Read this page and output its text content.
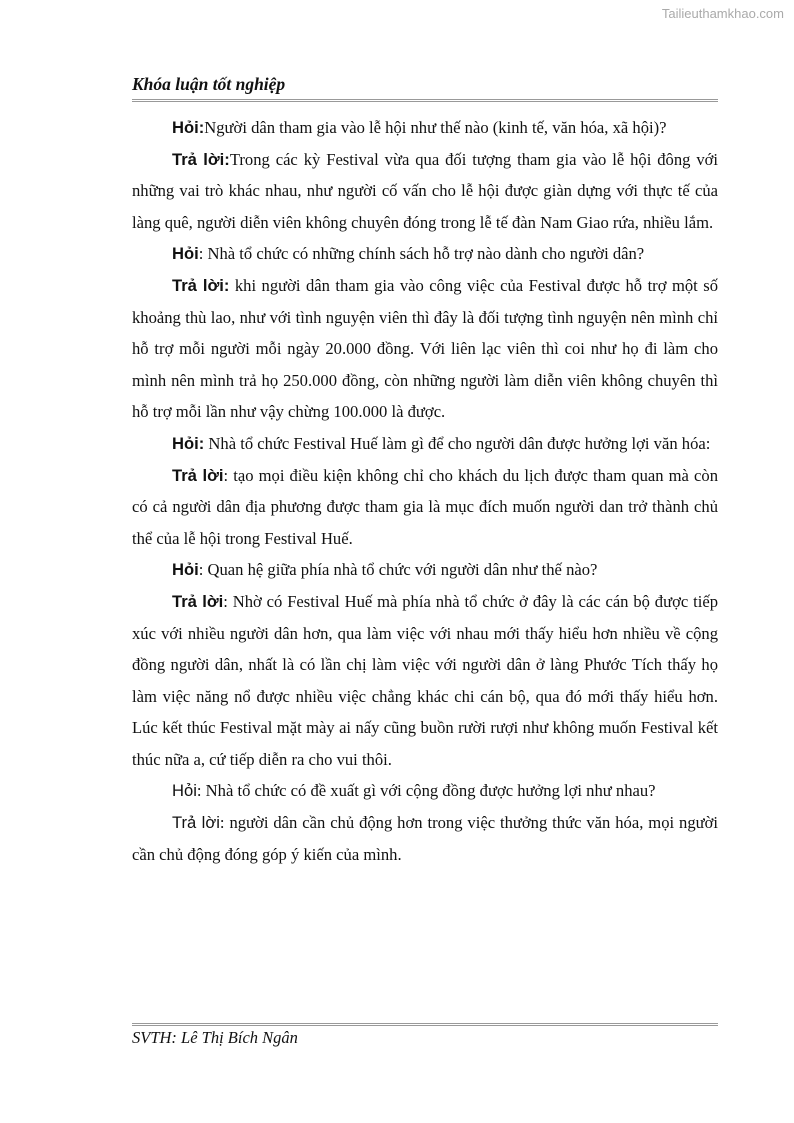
Tailieuthamkhao.com
Khóa luận tốt nghiệp

Hỏi:Người dân tham gia vào lễ hội như thế nào (kinh tế, văn hóa, xã hội)?

Trả lời:Trong các kỳ Festival vừa qua đối tượng tham gia vào lễ hội đông với những vai trò khác nhau, như người cố vấn cho lễ hội được giàn dựng với thực tế của làng quê, người diễn viên không chuyên đóng trong lễ tế đàn Nam Giao rứa, nhiều lắm.

Hỏi: Nhà tổ chức có những chính sách hỗ trợ nào dành cho người dân?

Trả lời: khi người dân tham gia vào công việc của Festival được hỗ trợ một số khoảng thù lao, như với tình nguyện viên thì đây là đối tượng tình nguyện nên mình chỉ hỗ trợ mỗi người mỗi ngày 20.000 đồng. Với liên lạc viên thì coi như họ đi làm cho mình nên mình trả họ 250.000 đồng, còn những người làm diễn viên không chuyên thì hỗ trợ mỗi lần như vậy chừng 100.000 là được.

Hỏi: Nhà tổ chức Festival Huế làm gì để cho người dân được hưởng lợi văn hóa:

Trả lời: tạo mọi điều kiện không chỉ cho khách du lịch được tham quan mà còn có cả người dân địa phương được tham gia là mục đích muốn người dan trở thành chủ thể của lễ hội trong Festival Huế.

Hỏi: Quan hệ giữa phía nhà tổ chức với người dân như thế nào?

Trả lời: Nhờ có Festival Huế mà phía nhà tổ chức ở đây là các cán bộ được tiếp xúc với nhiều người dân hơn, qua làm việc với nhau mới thấy hiểu hơn nhiều về cộng đồng người dân, nhất là có lần chị làm việc với người dân ở làng Phước Tích thấy họ làm việc năng nổ được nhiều việc chẳng khác chi cán bộ, qua đó mới thấy hiểu hơn. Lúc kết thúc Festival mặt mày ai nấy cũng buồn rười rượi như không muốn Festival kết thúc nữa a, cứ tiếp diễn ra cho vui thôi.

Hỏi: Nhà tổ chức có đề xuất gì với cộng đồng được hưởng lợi như nhau?

Trả lời: người dân cần chủ động hơn trong việc thưởng thức văn hóa, mọi người cần chủ động đóng góp ý kiến của mình.

SVTH: Lê Thị Bích Ngân
